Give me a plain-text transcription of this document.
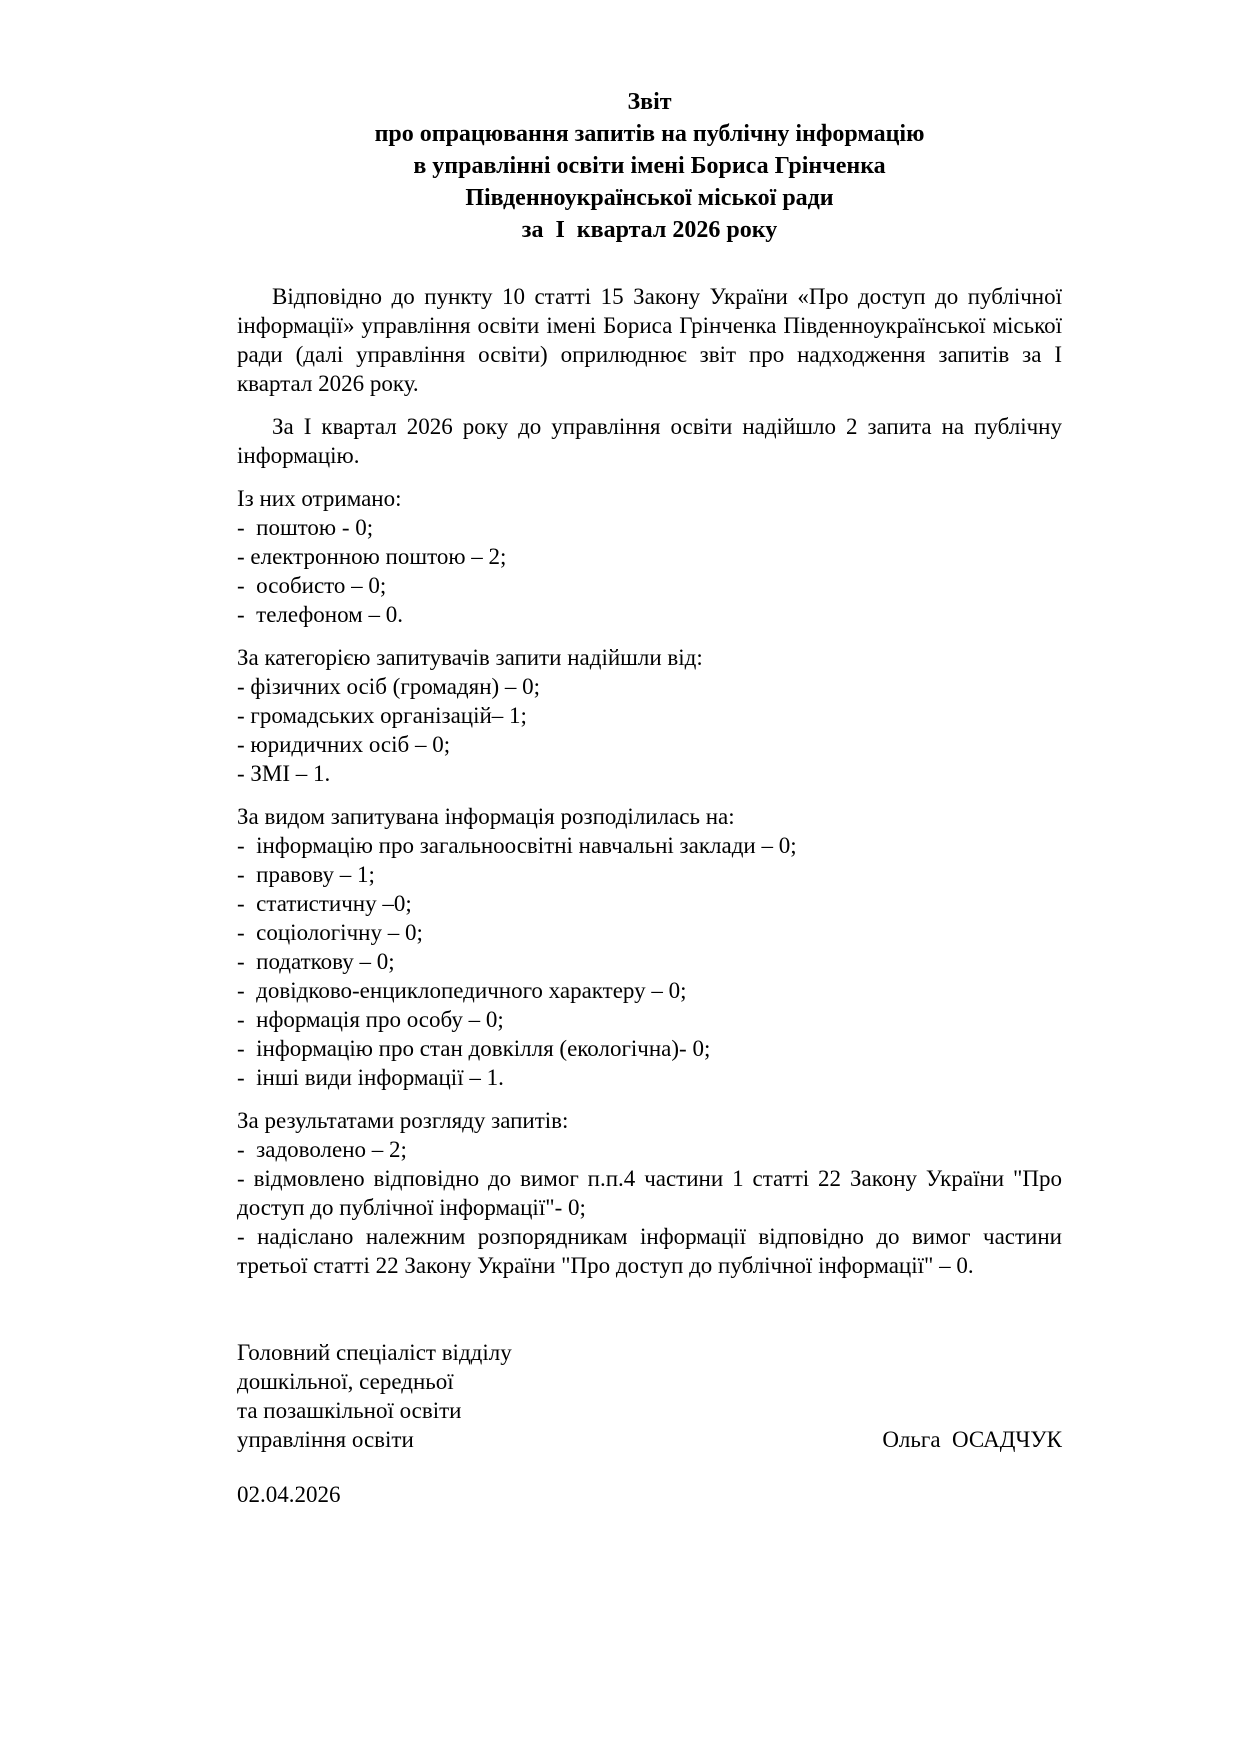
Звіт
про опрацювання запитів на публічну інформацію
в управлінні освіти імені Бориса Грінченка
Південноукраїнської міської ради
за  І  квартал 2026 року

Відповідно до пункту 10 статті 15 Закону України «Про доступ до публічної інформації» управління освіти імені Бориса Грінченка Південноукраїнської міської ради (далі управління освіти) оприлюднює звіт про надходження запитів за І квартал 2026 року.

За І квартал 2026 року до управління освіти надійшло 2 запита на публічну інформацію.

Із них отримано:

-  поштою - 0;

- електронною поштою – 2;

-  особисто – 0;

-  телефоном – 0.

За категорією запитувачів запити надійшли від:

- фізичних осіб (громадян) – 0;

- громадських організацій– 1;

- юридичних осіб – 0;

- ЗМІ – 1.

За видом запитувана інформація розподілилась на:

-  інформацію про загальноосвітні навчальні заклади – 0;

-  правову – 1;

-  статистичну –0;

-  соціологічну – 0;

-  податкову – 0;

-  довідково-енциклопедичного характеру – 0;

-  нформація про особу – 0;

-  інформацію про стан довкілля (екологічна)- 0;

-  інші види інформації – 1.

За результатами розгляду запитів:

-  задоволено – 2;

- відмовлено відповідно до вимог п.п.4 частини 1 статті 22 Закону України "Про доступ до публічної інформації"- 0;

- надіслано належним розпорядникам інформації відповідно до вимог частини третьої статті 22 Закону України "Про доступ до публічної інформації" – 0.

Головний спеціаліст відділу

дошкільної, середньої

та позашкільної освіти

управління освіти	Ольга  ОСАДЧУК

02.04.2026
